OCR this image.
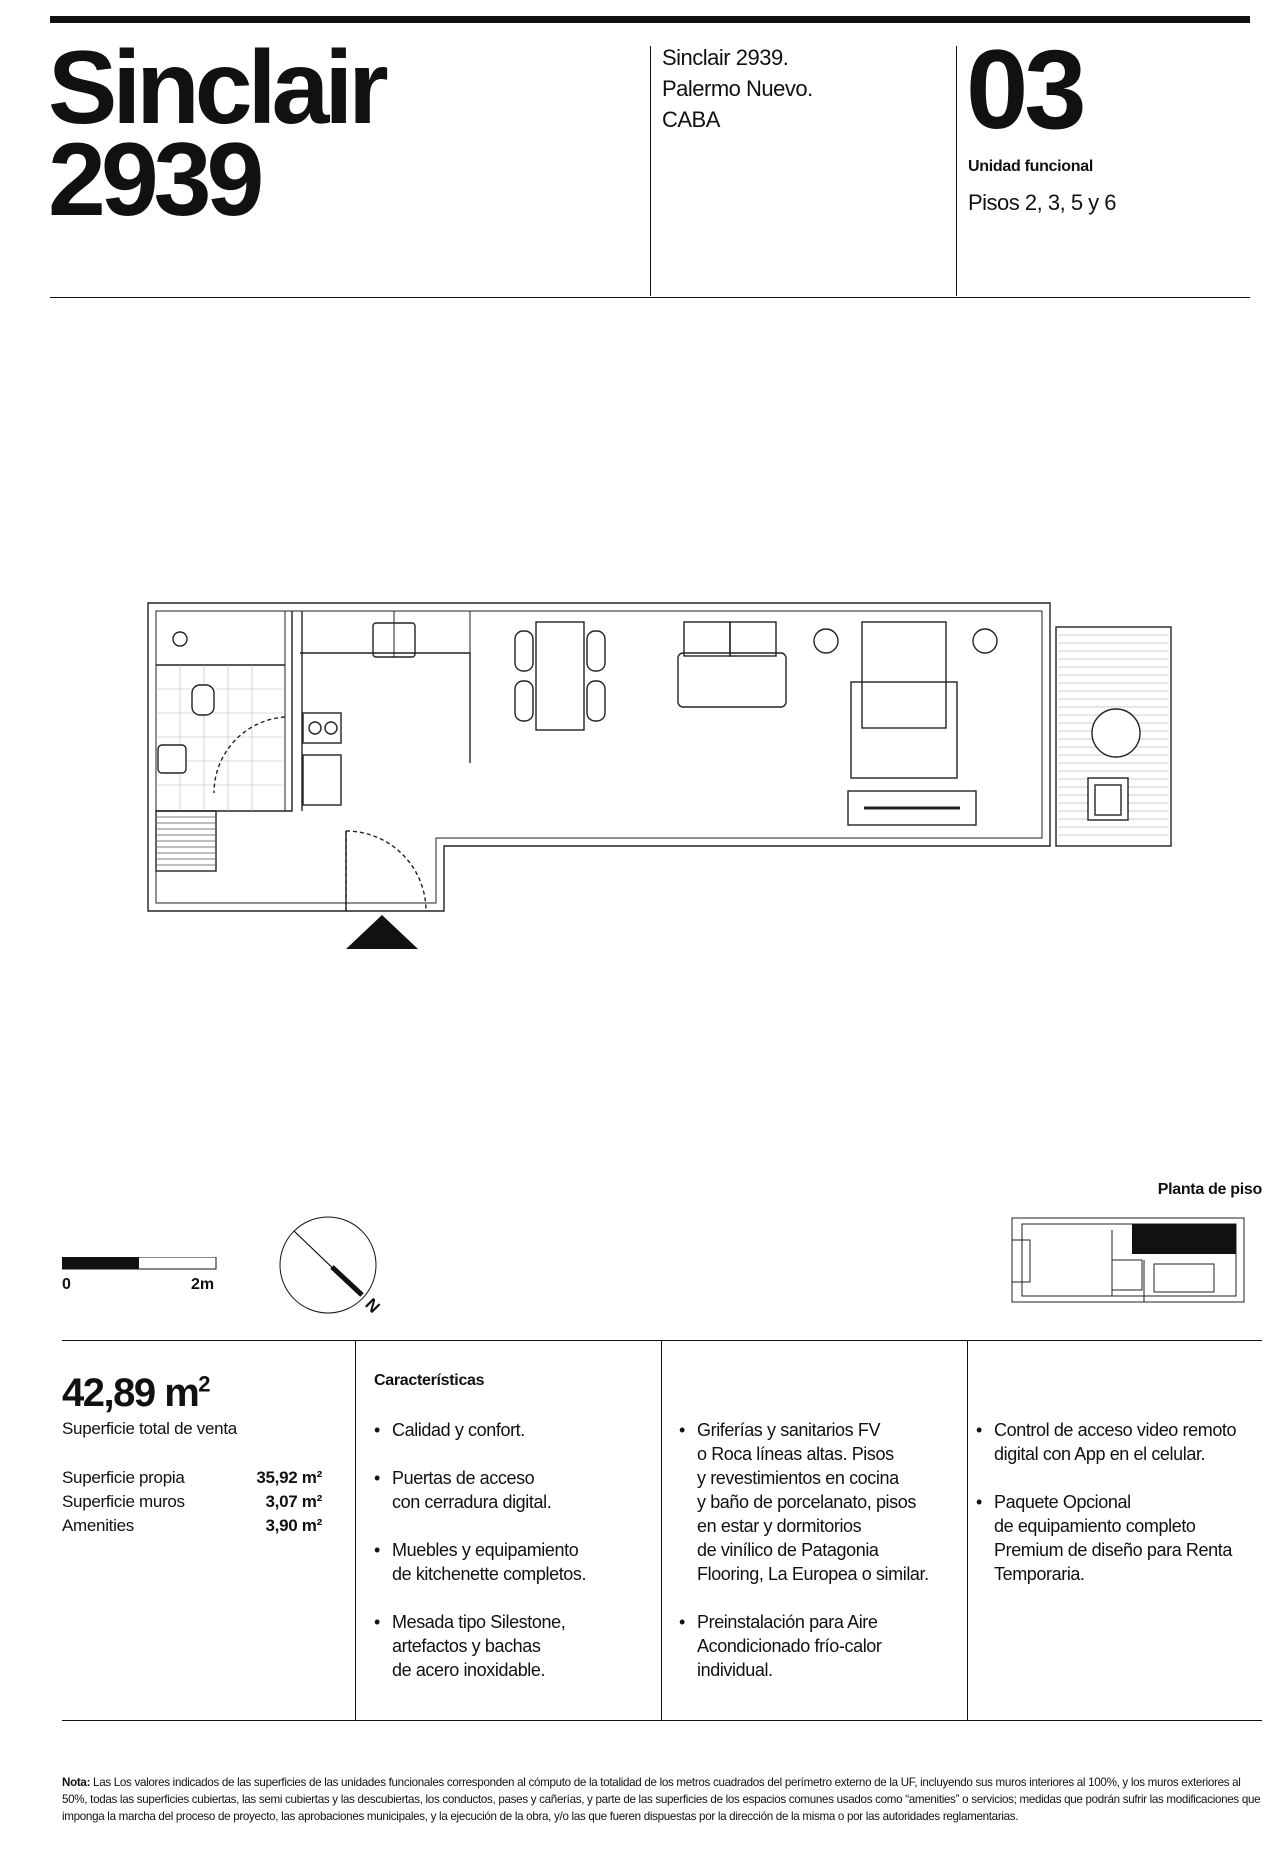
Sinclair
2939
Sinclair 2939.
Palermo Nuevo.
CABA	03
Unidad funcional
Pisos 2, 3, 5 y 6
Planta de piso
0	2m
N
42,89 $m^2$
Superficie total de venta
Superficie propia	35,92 m²
Superficie muros	3,07 m²
Amenities	3,90 m²
Características
• Calidad y confort.
• Puertas de acceso
con cerradura digital.
• Muebles y equipamiento
de kitchenette completos.
• Mesada tipo Silestone,
artefactos y bachas
de acero inoxidable.
• Griferías y sanitarios FV
o Roca líneas altas. Pisos
y revestimientos en cocina
y baño de porcelanato, pisos
en estar y dormitorios
de vinílico de Patagonia
Flooring, La Europea o similar.
• Preinstalación para Aire
Acondicionado frío-calor
individual.
• Control de acceso video remoto
digital con App en el celular.
• Paquete Opcional
de equipamiento completo
Premium de diseño para Renta
Temporaria.
Nota: Las Los valores indicados de las superficies de las unidades funcionales corresponden al cómputo de la totalidad de los metros cuadrados del perímetro externo de la UF, incluyendo sus muros interiores al 100%, y los muros exteriores al 50%, todas las superficies cubiertas, las semi cubiertas y las descubiertas, los conductos, pases y cañerías, y parte de las superficies de los espacios comunes usados como “amenities” o servicios; medidas que podrán sufrir las modificaciones que imponga la marcha del proceso de proyecto, las aprobaciones municipales, y la ejecución de la obra, y/o las que fueren dispuestas por la dirección de la misma o por las autoridades reglamentarias.
